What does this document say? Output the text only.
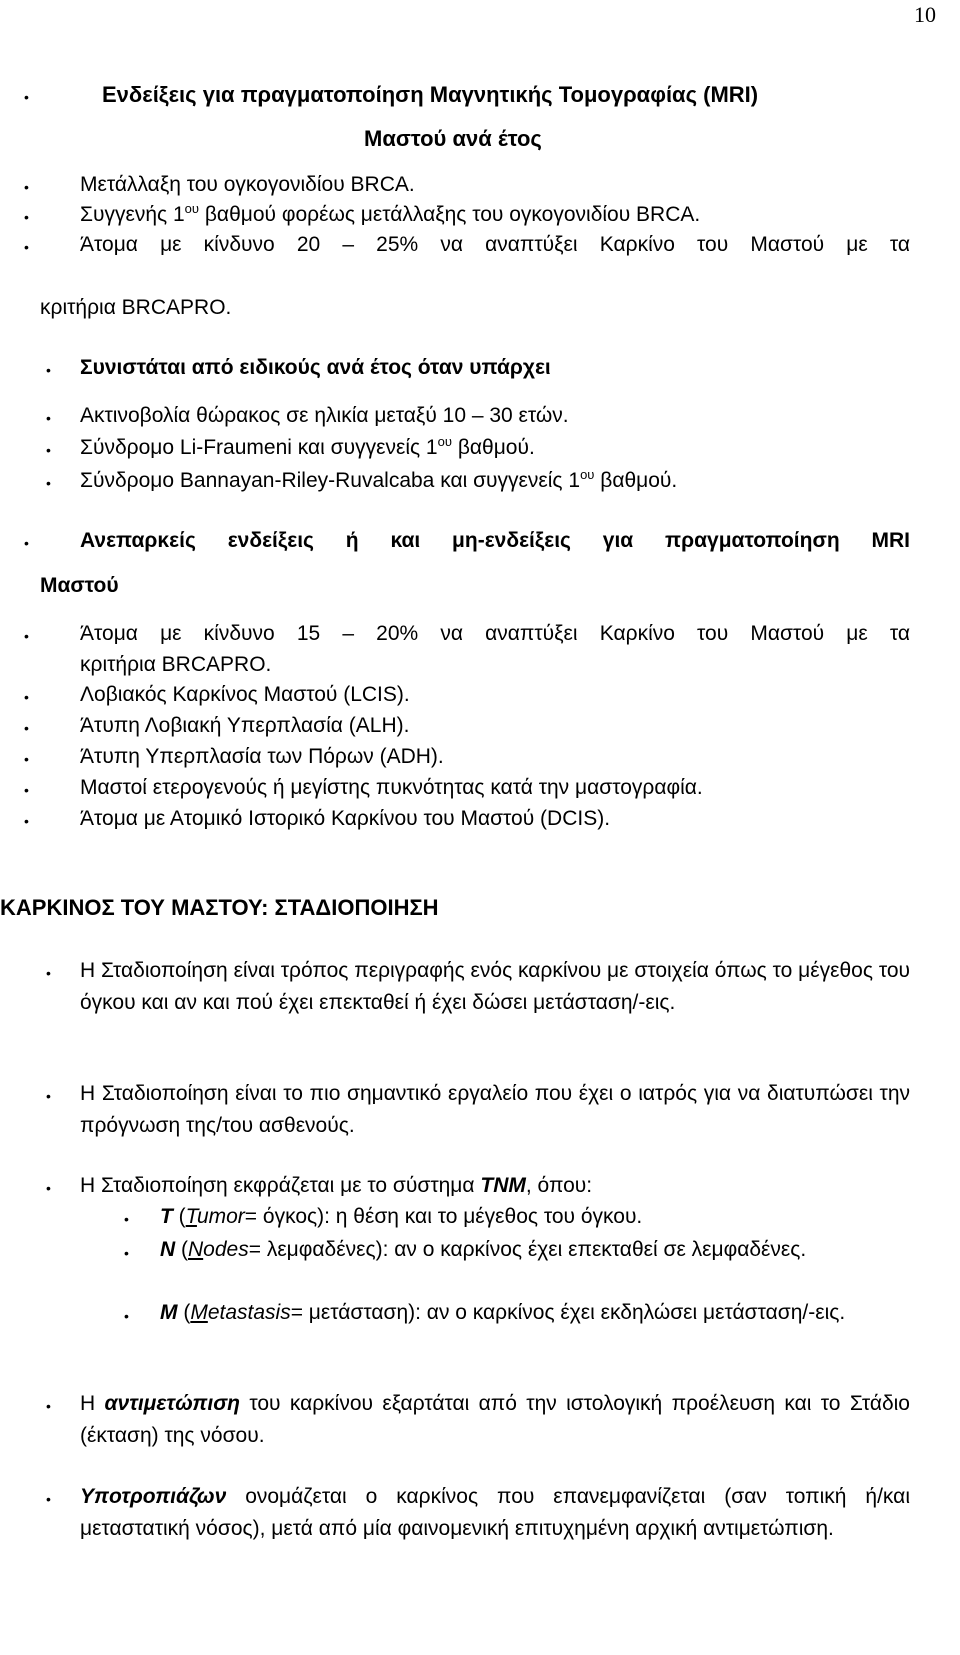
10
•	Ενδείξεις για πραγματοποίηση Μαγνητικής Τομογραφίας (MRI)
Μαστού ανά έτος
• Μετάλλαξη του ογκογονιδίου BRCA.
• Συγγενής $1^{o\upsilon}$ βαθμού φορέως μετάλλαξης του ογκογονιδίου BRCA.
• Άτομα με κίνδυνο 20 – 25% να αναπτύξει Καρκίνο του Μαστού με τα
κριτήρια BRCAPRO.
• Συνιστάται από ειδικούς ανά έτος όταν υπάρχει
• Ακτινοβολία θώρακος σε ηλικία μεταξύ 10 – 30 ετών.
• Σύνδρομο Li-Fraumeni και συγγενείς $1^{o\upsilon}$ βαθμού.
• Σύνδρομο Bannayan-Riley-Ruvalcaba και συγγενείς $1^{o\upsilon}$ βαθμού.
• Ανεπαρκείς ενδείξεις ή και μη-ενδείξεις για πραγματοποίηση MRI
Μαστού
• Άτομα με κίνδυνο 15 – 20% να αναπτύξει Καρκίνο του Μαστού με τα
κριτήρια BRCAPRO.
• Λοβιακός Καρκίνος Μαστού (LCIS).
• Άτυπη Λοβιακή Υπερπλασία (ALH).
• Άτυπη Υπερπλασία των Πόρων (ADH).
• Μαστοί ετερογενούς ή μεγίστης πυκνότητας κατά την μαστογραφία.
• Άτομα με Ατομικό Ιστορικό Καρκίνου του Μαστού (DCIS).
ΚΑΡΚΙΝΟΣ ΤΟΥ ΜΑΣΤΟΥ: ΣΤΑΔΙΟΠΟΙΗΣΗ
• Η Σταδιοποίηση είναι τρόπος περιγραφής ενός καρκίνου με στοιχεία όπως το μέγεθος του όγκου και αν και πού έχει επεκταθεί ή έχει δώσει μετάσταση/-εις.
• Η Σταδιοποίηση είναι το πιο σημαντικό εργαλείο που έχει ο ιατρός για να διατυπώσει την πρόγνωση της/του ασθενούς.
• Η Σταδιοποίηση εκφράζεται με το σύστημα TNM, όπου:
• T (Tumor= όγκος): η θέση και το μέγεθος του όγκου.
• N (Nodes= λεμφαδένες): αν ο καρκίνος έχει επεκταθεί σε λεμφαδένες.
• M (Metastasis= μετάσταση): αν ο καρκίνος έχει εκδηλώσει μετάσταση/-εις.
• Η αντιμετώπιση του καρκίνου εξαρτάται από την ιστολογική προέλευση και το Στάδιο (έκταση) της νόσου.
• Υποτροπιάζων ονομάζεται ο καρκίνος που επανεμφανίζεται (σαν τοπική ή/και μεταστατική νόσος), μετά από μία φαινομενική επιτυχημένη αρχική αντιμετώπιση.
